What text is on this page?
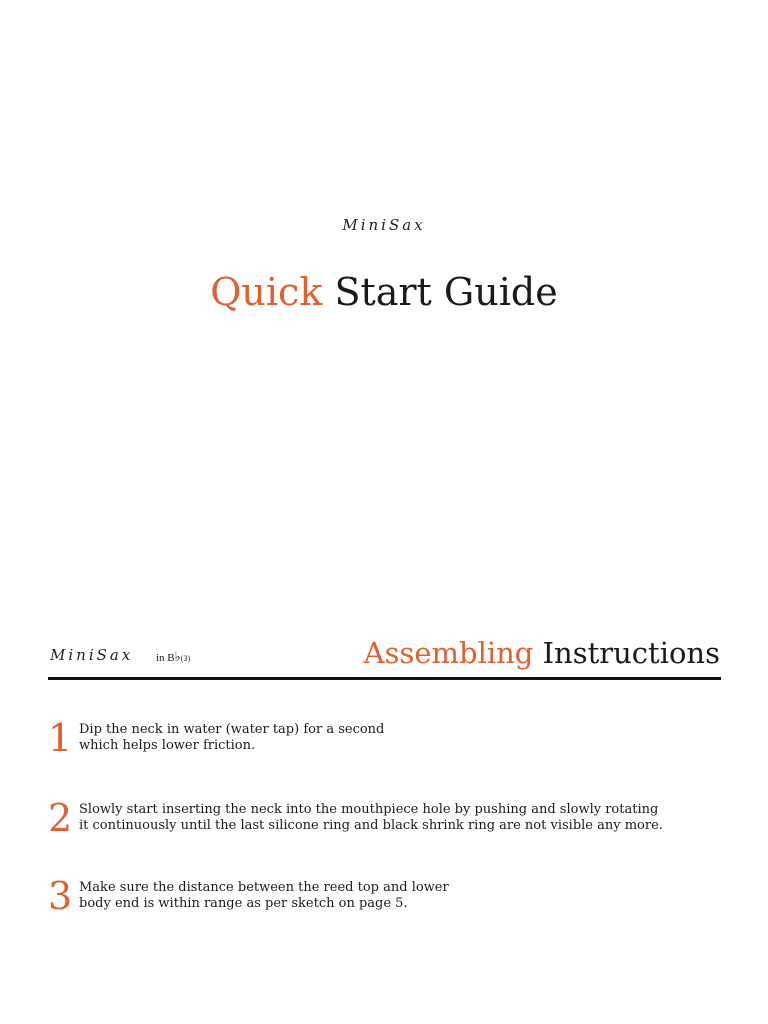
MiniSax
Quick Start Guide
MiniSax in B♭(3)	Assembling Instructions
1 Dip the neck in water (water tap) for a second
which helps lower friction.
2 Slowly start inserting the neck into the mouthpiece hole by pushing and slowly rotating
it continuously until the last silicone ring and black shrink ring are not visible any more.
3 Make sure the distance between the reed top and lower
body end is within range as per sketch on page 5.
